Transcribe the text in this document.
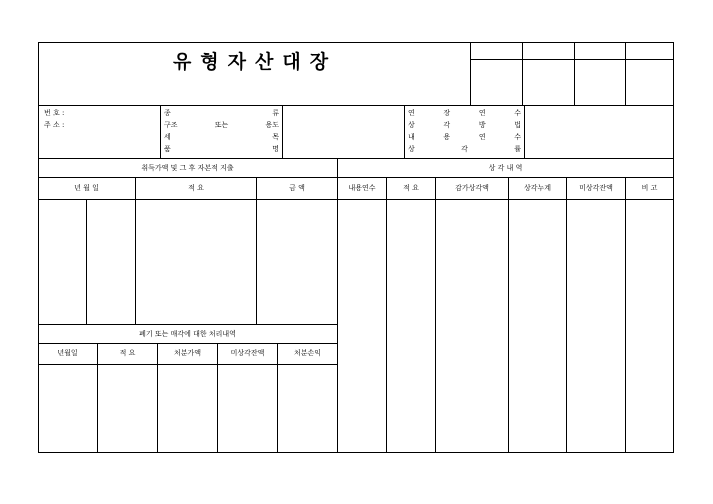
유형자산대장
번 호 :
주 소 :
종	류
구조	또는	용도
세	목
품	명
연	장	연	수
상	각	방	법
내	용	연	수
상	각	률
취득가액 및 그 후 자본적 지출	상 각 내 역
년 월 일	적 요	금 액	내용연수	적 요	감가상각액	상각누계	미상각잔액	비 고
폐기 또는 매각에 대한 처리내역
년월일	적 요	처분가액	미상각잔액	처분손익
